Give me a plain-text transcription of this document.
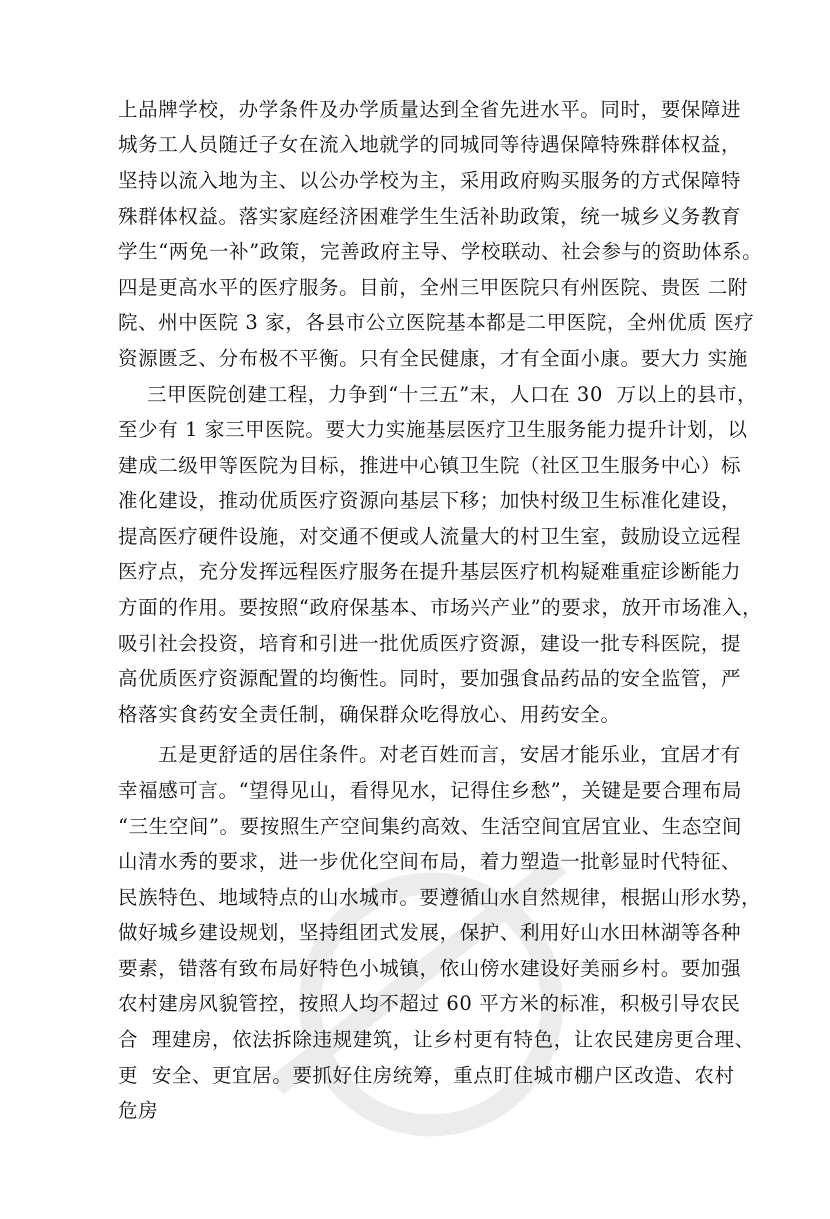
上品牌学校，办学条件及办学质量达到全省先进水平。同时，要保障进
城务工人员随迁子女在流入地就学的同城同等待遇保障特殊群体权益，
坚持以流入地为主、以公办学校为主，采用政府购买服务的方式保障特
殊群体权益。落实家庭经济困难学生生活补助政策，统一城乡义务教育
学生“两免一补”政策，完善政府主导、学校联动、社会参与的资助体系。
四是更高水平的医疗服务。目前，全州三甲医院只有州医院、贵医 二附
院、州中医院 3 家，各县市公立医院基本都是二甲医院，全州优质 医疗
资源匮乏、分布极不平衡。只有全民健康，才有全面小康。要大力 实施
三甲医院创建工程，力争到“十三五”末，人口在 30  万以上的县市，
至少有 1 家三甲医院。要大力实施基层医疗卫生服务能力提升计划，以
建成二级甲等医院为目标，推进中心镇卫生院（社区卫生服务中心）标
准化建设，推动优质医疗资源向基层下移；加快村级卫生标准化建设，
提高医疗硬件设施，对交通不便或人流量大的村卫生室，鼓励设立远程
医疗点，充分发挥远程医疗服务在提升基层医疗机构疑难重症诊断能力
方面的作用。要按照“政府保基本、市场兴产业”的要求，放开市场准入，
吸引社会投资，培育和引进一批优质医疗资源，建设一批专科医院，提
高优质医疗资源配置的均衡性。同时，要加强食品药品的安全监管，严
格落实食药安全责任制，确保群众吃得放心、用药安全。
五是更舒适的居住条件。对老百姓而言，安居才能乐业，宜居才有
幸福感可言。“望得见山，看得见水，记得住乡愁”，关键是要合理布局
“三生空间”。要按照生产空间集约高效、生活空间宜居宜业、生态空间
山清水秀的要求，进一步优化空间布局，着力塑造一批彰显时代特征、
民族特色、地域特点的山水城市。要遵循山水自然规律，根据山形水势，
做好城乡建设规划，坚持组团式发展，保护、利用好山水田林湖等各种
要素，错落有致布局好特色小城镇，依山傍水建设好美丽乡村。要加强
农村建房风貌管控，按照人均不超过 60 平方米的标准，积极引导农民
合  理建房，依法拆除违规建筑，让乡村更有特色，让农民建房更合理、
更  安全、更宜居。要抓好住房统筹，重点盯住城市棚户区改造、农村
危房
